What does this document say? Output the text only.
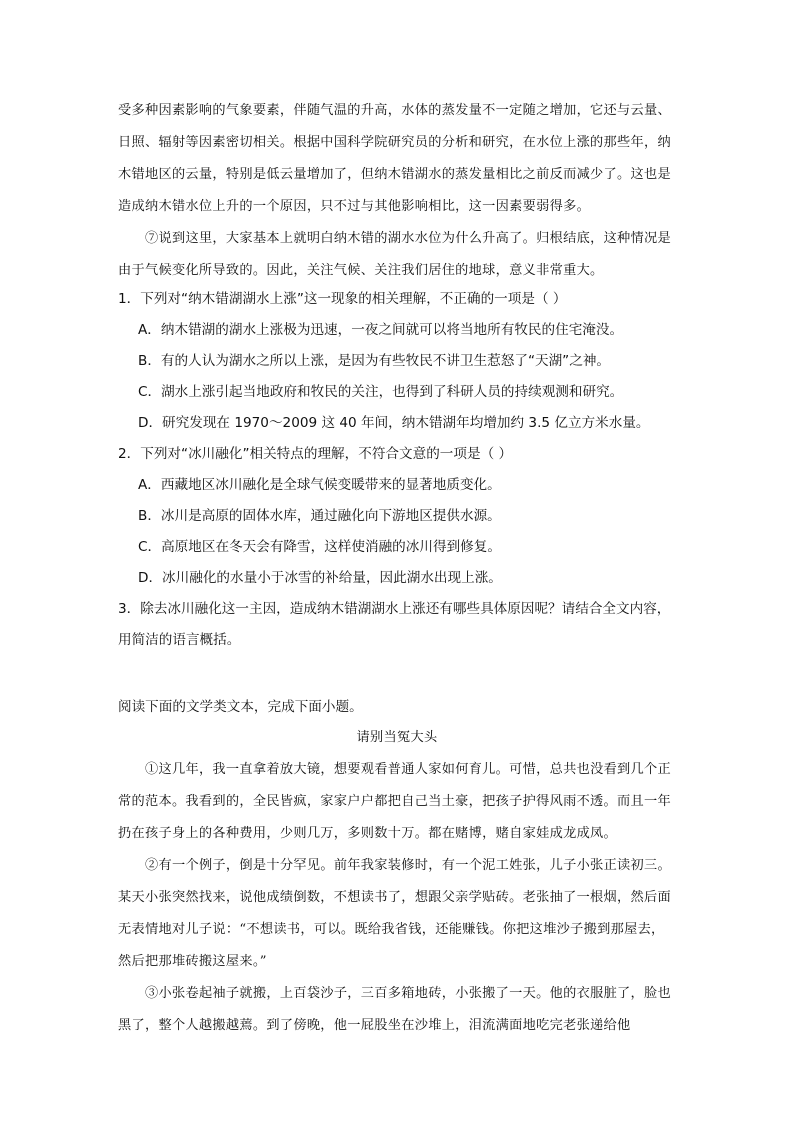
受多种因素影响的气象要素，伴随气温的升高，水体的蒸发量不一定随之增加，它还与云量、日照、辐射等因素密切相关。根据中国科学院研究员的分析和研究，在水位上涨的那些年，纳木错地区的云量，特别是低云量增加了，但纳木错湖水的蒸发量相比之前反而减少了。这也是造成纳木错水位上升的一个原因，只不过与其他影响相比，这一因素要弱得多。

⑦说到这里，大家基本上就明白纳木错的湖水水位为什么升高了。归根结底，这种情况是由于气候变化所导致的。因此，关注气候、关注我们居住的地球，意义非常重大。

1．下列对“纳木错湖湖水上涨”这一现象的相关理解，不正确的一项是（ ）

A．纳木错湖的湖水上涨极为迅速，一夜之间就可以将当地所有牧民的住宅淹没。

B．有的人认为湖水之所以上涨，是因为有些牧民不讲卫生惹怒了“天湖”之神。

C．湖水上涨引起当地政府和牧民的关注，也得到了科研人员的持续观测和研究。

D．研究发现在 1970～2009 这 40 年间，纳木错湖年均增加约 3.5 亿立方米水量。

2．下列对“冰川融化”相关特点的理解，不符合文意的一项是（ ）

A．西藏地区冰川融化是全球气候变暖带来的显著地质变化。

B．冰川是高原的固体水库，通过融化向下游地区提供水源。

C．高原地区在冬天会有降雪，这样使消融的冰川得到修复。

D．冰川融化的水量小于冰雪的补给量，因此湖水出现上涨。

3．除去冰川融化这一主因，造成纳木错湖湖水上涨还有哪些具体原因呢？请结合全文内容，用简洁的语言概括。

阅读下面的文学类文本，完成下面小题。

请别当冤大头

①这几年，我一直拿着放大镜，想要观看普通人家如何育儿。可惜，总共也没看到几个正常的范本。我看到的，全民皆疯，家家户户都把自己当土豪，把孩子护得风雨不透。而且一年扔在孩子身上的各种费用，少则几万，多则数十万。都在赌博，赌自家娃成龙成凤。

②有一个例子，倒是十分罕见。前年我家装修时，有一个泥工姓张，儿子小张正读初三。某天小张突然找来，说他成绩倒数，不想读书了，想跟父亲学贴砖。老张抽了一根烟，然后面无表情地对儿子说：“不想读书，可以。既给我省钱，还能赚钱。你把这堆沙子搬到那屋去，然后把那堆砖搬这屋来。”

③小张卷起袖子就搬，上百袋沙子，三百多箱地砖，小张搬了一天。他的衣服脏了，脸也黑了，整个人越搬越蔫。到了傍晚，他一屁股坐在沙堆上，泪流满面地吃完老张递给他
